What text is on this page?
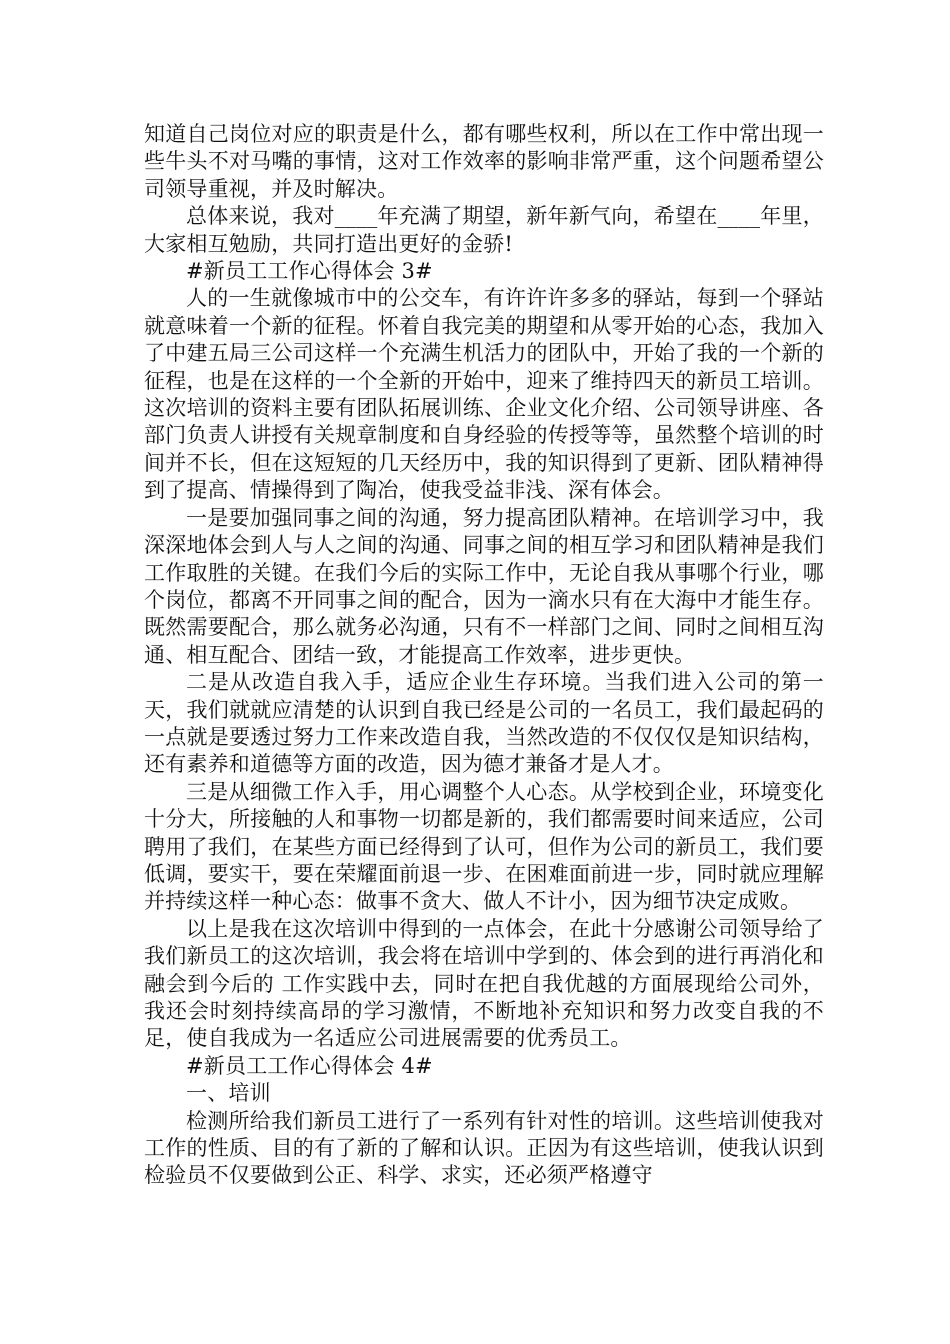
知道自己岗位对应的职责是什么，都有哪些权利，所以在工作中常出现一些牛头不对马嘴的事情，这对工作效率的影响非常严重，这个问题希望公司领导重视，并及时解决。

总体来说，我对____年充满了期望，新年新气向，希望在____年里，大家相互勉励，共同打造出更好的金骄!

#新员工工作心得体会 3#

人的一生就像城市中的公交车，有许许许多多的驿站，每到一个驿站就意味着一个新的征程。怀着自我完美的期望和从零开始的心态，我加入了中建五局三公司这样一个充满生机活力的团队中，开始了我的一个新的征程，也是在这样的一个全新的开始中，迎来了维持四天的新员工培训。这次培训的资料主要有团队拓展训练、企业文化介绍、公司领导讲座、各部门负责人讲授有关规章制度和自身经验的传授等等，虽然整个培训的时间并不长，但在这短短的几天经历中，我的知识得到了更新、团队精神得到了提高、情操得到了陶冶，使我受益非浅、深有体会。

一是要加强同事之间的沟通，努力提高团队精神。在培训学习中，我深深地体会到人与人之间的沟通、同事之间的相互学习和团队精神是我们工作取胜的关键。在我们今后的实际工作中，无论自我从事哪个行业，哪个岗位，都离不开同事之间的配合，因为一滴水只有在大海中才能生存。既然需要配合，那么就务必沟通，只有不一样部门之间、同时之间相互沟通、相互配合、团结一致，才能提高工作效率，进步更快。

二是从改造自我入手，适应企业生存环境。当我们进入公司的第一天，我们就就应清楚的认识到自我已经是公司的一名员工，我们最起码的一点就是要透过努力工作来改造自我，当然改造的不仅仅仅是知识结构，还有素养和道德等方面的改造，因为德才兼备才是人才。

三是从细微工作入手，用心调整个人心态。从学校到企业，环境变化十分大，所接触的人和事物一切都是新的，我们都需要时间来适应，公司聘用了我们，在某些方面已经得到了认可，但作为公司的新员工，我们要低调，要实干，要在荣耀面前退一步、在困难面前进一步，同时就应理解并持续这样一种心态：做事不贪大、做人不计小，因为细节决定成败。

以上是我在这次培训中得到的一点体会，在此十分感谢公司领导给了我们新员工的这次培训，我会将在培训中学到的、体会到的进行再消化和融会到今后的 工作实践中去，同时在把自我优越的方面展现给公司外，我还会时刻持续高昂的学习激情，不断地补充知识和努力改变自我的不足，使自我成为一名适应公司进展需要的优秀员工。

#新员工工作心得体会 4#

一、培训

检测所给我们新员工进行了一系列有针对性的培训。这些培训使我对工作的性质、目的有了新的了解和认识。正因为有这些培训，使我认识到检验员不仅要做到公正、科学、求实，还必须严格遵守
